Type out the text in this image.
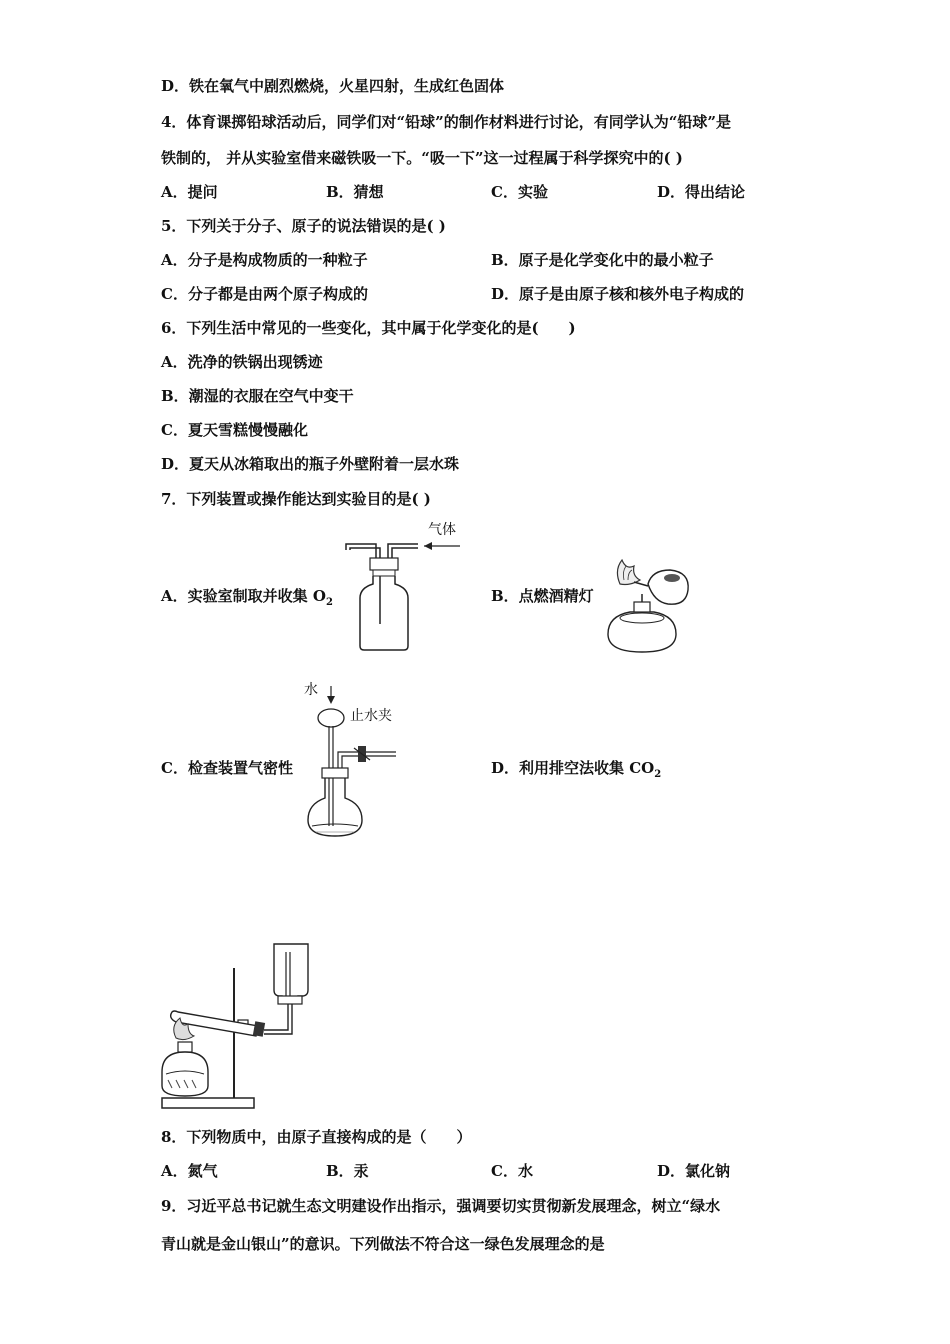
D．铁在氧气中剧烈燃烧，火星四射，生成红色固体
4．体育课掷铅球活动后，同学们对“铅球”的制作材料进行讨论，有同学认为“铅球”是
铁制的， 并从实验室借来磁铁吸一下。“吸一下”这一过程属于科学探究中的( )
A．提问	B．猜想	C．实验	D．得出结论
5．下列关于分子、原子的说法错误的是( )
A．分子是构成物质的一种粒子	B．原子是化学变化中的最小粒子
C．分子都是由两个原子构成的	D．原子是由原子核和核外电子构成的
6．下列生活中常见的一些变化，其中属于化学变化的是(　　)
A．洗净的铁锅出现锈迹
B．潮湿的衣服在空气中变干
C．夏天雪糕慢慢融化
D．夏天从冰箱取出的瓶子外壁附着一层水珠
7．下列装置或操作能达到实验目的是( )
A．实验室制取并收集 $O_2$
气体
B．点燃酒精灯
C．检查装置气密性
水
止水夹
D．利用排空法收集 $CO_2$
8．下列物质中，由原子直接构成的是（　　）
A．氮气	B．汞	C．水	D．氯化钠
9．习近平总书记就生态文明建设作出指示，强调要切实贯彻新发展理念，树立“绿水
青山就是金山银山”的意识。下列做法不符合这一绿色发展理念的是
